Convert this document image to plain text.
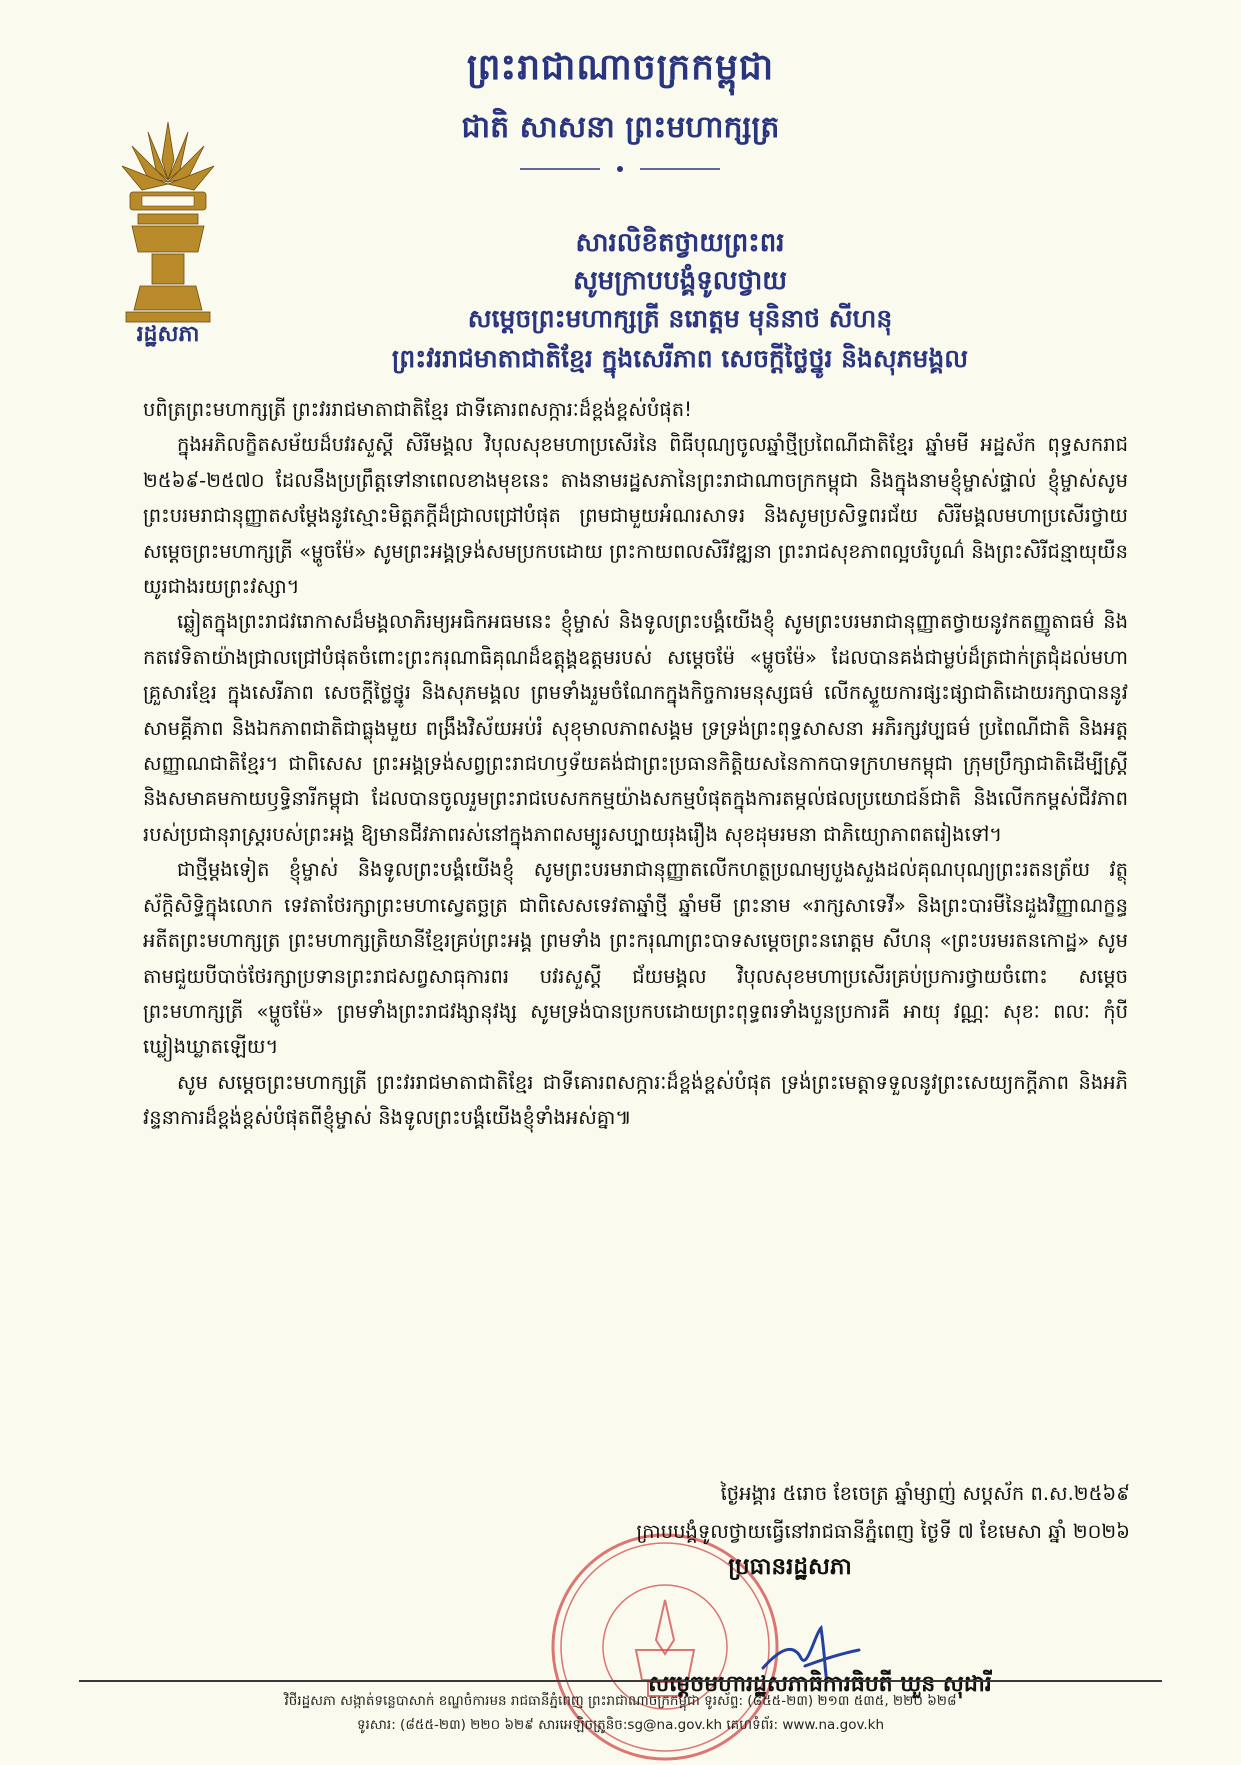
ព្រះរាជាណាចក្រកម្ពុជា
ជាតិ សាសនា ព្រះមហាក្សត្រ
រដ្ឋសភា
សារលិខិតថ្វាយព្រះពរ
សូមក្រាបបង្គំទូលថ្វាយ
សម្ដេចព្រះមហាក្សត្រី នរោត្ដម មុនិនាថ សីហនុ
ព្រះវររាជមាតាជាតិខ្មែរ ក្នុងសេរីភាព សេចក្ដីថ្លៃថ្នូរ និងសុភមង្គល

បពិត្រព្រះមហាក្សត្រី ព្រះវររាជមាតាជាតិខ្មែរ ជាទីគោរពសក្ការៈដ៏ខ្ពង់ខ្ពស់បំផុត!

ក្នុងអភិលក្ខិតសម័យដ៏បវរសួស្ដី សិរីមង្គល វិបុលសុខមហាប្រសើរនៃ ពិធីបុណ្យចូលឆ្នាំថ្មីប្រពៃណីជាតិខ្មែរ ឆ្នាំមមី អដ្ឋស័ក ពុទ្ធសករាជ ២៥៦៩-២៥៧០ ដែលនឹងប្រព្រឹត្តទៅនាពេលខាងមុខនេះ តាងនាមរដ្ឋសភានៃព្រះរាជាណាចក្រកម្ពុជា និងក្នុងនាមខ្ញុំម្ចាស់ផ្ទាល់ ខ្ញុំម្ចាស់សូមព្រះបរមរាជានុញ្ញាតសម្ដែងនូវស្មោះមិត្តភក្ដីដ៏ជ្រាលជ្រៅបំផុត ព្រមជាមួយអំណរសាទរ និងសូមប្រសិទ្ធពរជ័យ សិរីមង្គលមហាប្រសើរថ្វាយ សម្ដេចព្រះមហាក្សត្រី «ម្ហូចម៉ែ» សូមព្រះអង្គទ្រង់សមប្រកបដោយ ព្រះកាយពលសិរីវឌ្ឍនា ព្រះរាជសុខភាពល្អបរិបូណ៌ និងព្រះសិរីជន្មាយុយឺនយូរជាងរយព្រះវស្សា។

ឆ្លៀតក្នុងព្រះរាជវរោកាសដ៏មង្គលាភិរម្យអធិកអធមនេះ ខ្ញុំម្ចាស់ និងទូលព្រះបង្គំយើងខ្ញុំ សូមព្រះបរមរាជានុញ្ញាតថ្វាយនូវកតញ្ញូតាធម៌ និងកតវេទិតាយ៉ាងជ្រាលជ្រៅបំផុតចំពោះព្រះករុណាធិគុណដ៏ឧត្ដុង្គឧត្ដមរបស់ សម្ដេចម៉ែ «ម្ហូចម៉ែ» ដែលបានគង់ជាម្លប់ដ៏ត្រជាក់ត្រជុំដល់មហាគ្រួសារខ្មែរ ក្នុងសេរីភាព សេចក្ដីថ្លៃថ្នូរ និងសុភមង្គល ព្រមទាំងរួមចំណែកក្នុងកិច្ចការមនុស្សធម៌ លើកស្ទួយការផ្សះផ្សាជាតិដោយរក្សាបាននូវសាមគ្គីភាព និងឯកភាពជាតិជាធ្លុងមួយ ពង្រឹងវិស័យអប់រំ សុខុមាលភាពសង្គម ទ្រទ្រង់ព្រះពុទ្ធសាសនា អភិរក្សវប្បធម៌ ប្រពៃណីជាតិ និងអត្តសញ្ញាណជាតិខ្មែរ។ ជាពិសេស ព្រះអង្គទ្រង់សព្វព្រះរាជហឫទ័យគង់ជាព្រះប្រធានកិត្តិយសនៃកាកបាទក្រហមកម្ពុជា ក្រុមប្រឹក្សាជាតិដើម្បីស្ត្រី និងសមាគមកាយឫទ្ធិនារីកម្ពុជា ដែលបានចូលរួមព្រះរាជបេសកកម្មយ៉ាងសកម្មបំផុតក្នុងការតម្កល់ផលប្រយោជន៍ជាតិ និងលើកកម្ពស់ជីវភាពរបស់ប្រជានុរាស្ត្ររបស់ព្រះអង្គ ឱ្យមានជីវភាពរស់នៅក្នុងភាពសម្បូរសប្បាយរុងរឿង សុខដុមរមនា ជាភិយ្យោភាពតរៀងទៅ។

ជាថ្មីម្ដងទៀត ខ្ញុំម្ចាស់ និងទូលព្រះបង្គំយើងខ្ញុំ សូមព្រះបរមរាជានុញ្ញាតលើកហត្ថប្រណម្យបួងសួងដល់គុណបុណ្យព្រះរតនត្រ័យ វត្ថុស័ក្ដិសិទ្ធិក្នុងលោក ទេវតាថែរក្សាព្រះមហាស្វេតច្ឆត្រ ជាពិសេសទេវតាឆ្នាំថ្មី ឆ្នាំមមី ព្រះនាម «រាក្សសាទេវី» និងព្រះបារមីនៃដួងវិញ្ញាណក្ខន្ធអតីតព្រះមហាក្សត្រ ព្រះមហាក្សត្រិយានីខ្មែរគ្រប់ព្រះអង្គ ព្រមទាំង ព្រះករុណាព្រះបាទសម្ដេចព្រះនរោត្ដម សីហនុ «ព្រះបរមរតនកោដ្ឋ» សូមតាមជួយបីបាច់ថែរក្សាប្រទានព្រះរាជសព្វសាធុការពរ បវរសួស្ដី ជ័យមង្គល វិបុលសុខមហាប្រសើរគ្រប់ប្រការថ្វាយចំពោះ សម្ដេចព្រះមហាក្សត្រី «ម្ហូចម៉ែ» ព្រមទាំងព្រះរាជវង្សានុវង្ស សូមទ្រង់បានប្រកបដោយព្រះពុទ្ធពរទាំងបួនប្រការគឺ អាយុ វណ្ណៈ សុខៈ ពលៈ កុំបីឃ្លៀងឃ្លាតឡើយ។

សូម សម្ដេចព្រះមហាក្សត្រី ព្រះវររាជមាតាជាតិខ្មែរ ជាទីគោរពសក្ការៈដ៏ខ្ពង់ខ្ពស់បំផុត ទ្រង់ព្រះមេត្តាទទួលនូវព្រះសេយ្យកក្ដីភាព និងអភិវន្ទនាការដ៏ខ្ពង់ខ្ពស់បំផុតពីខ្ញុំម្ចាស់ និងទូលព្រះបង្គំយើងខ្ញុំទាំងអស់គ្នា៕

ថ្ងៃអង្គារ ៥រោច ខែចេត្រ ឆ្នាំម្សាញ់ សប្តស័ក ព.ស.២៥៦៩
ក្រាបបង្គំទូលថ្វាយធ្វើនៅរាជធានីភ្នំពេញ ថ្ងៃទី ៧ ខែមេសា ឆ្នាំ ២០២៦
ប្រធានរដ្ឋសភា
សម្ដេចមហារដ្ឋសភាធិការធិបតី ឃួន សុដារី
វិថីរដ្ឋសភា សង្កាត់ទន្លេបាសាក់ ខណ្ឌចំការមន រាជធានីភ្នំពេញ ព្រះរាជាណាចក្រកម្ពុជា ទូរស័ព្ទ: (៨៥៥-២៣) ២១៣ ៥៣៥, ២២០ ៦២៨
ទូរសារ: (៨៥៥-២៣) ២២០ ៦២៩ សារអេឡិចត្រូនិច:sg@na.gov.kh គេហទំព័រ: www.na.gov.kh
